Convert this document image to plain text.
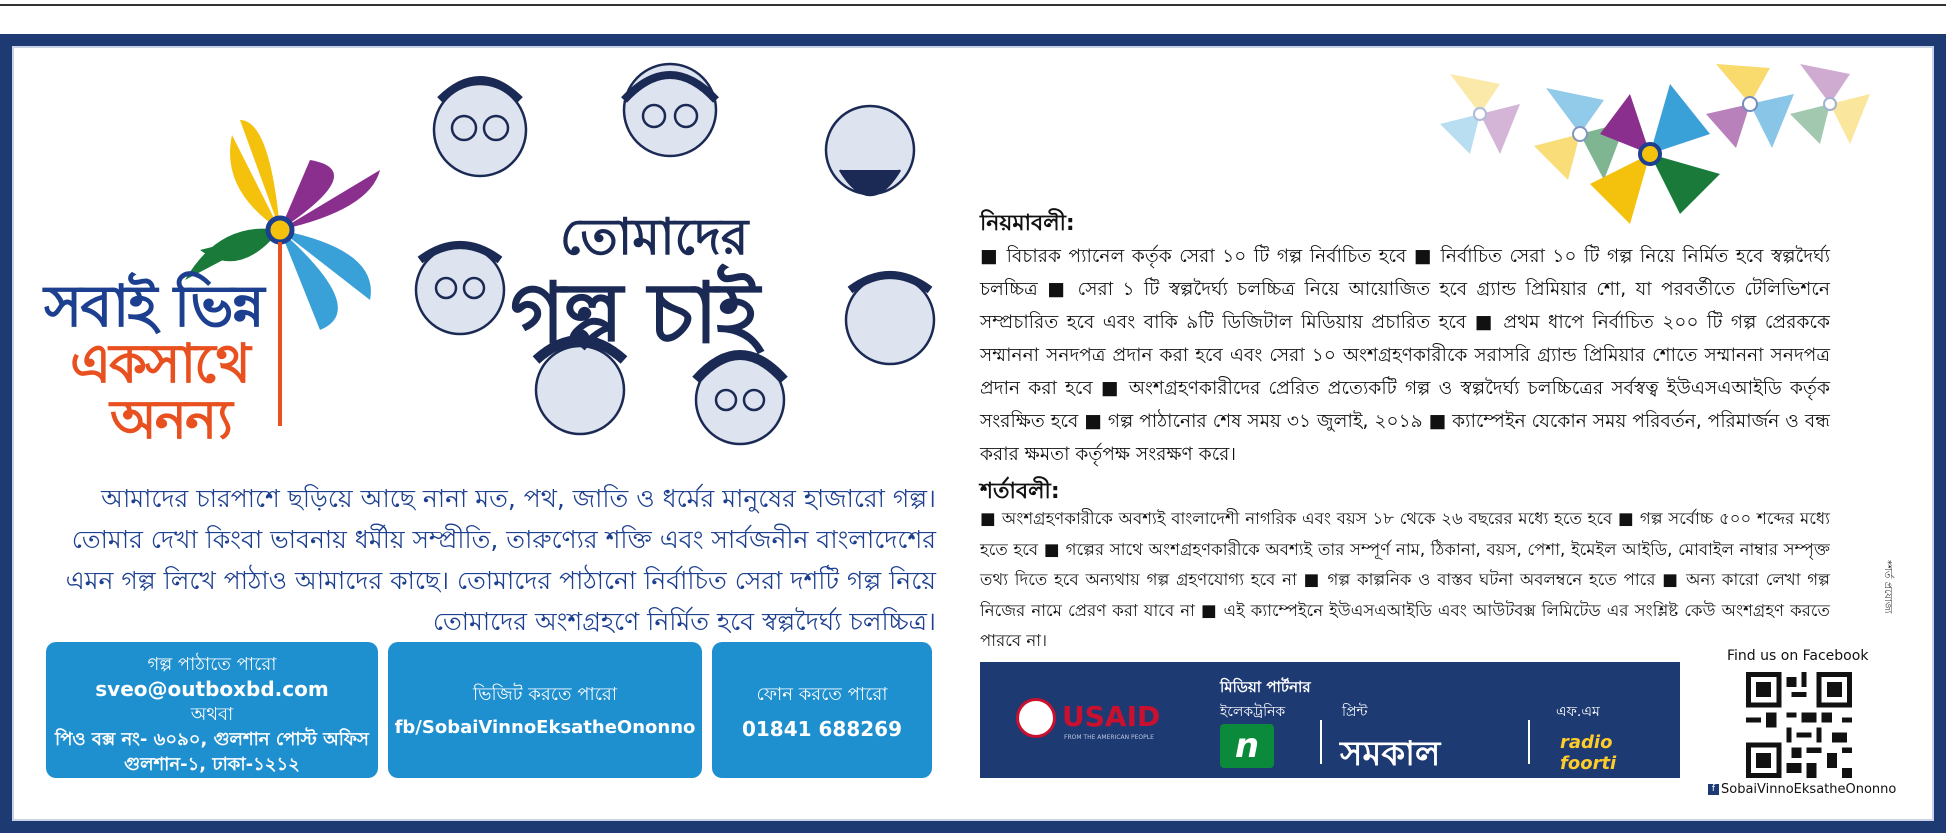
সবাই ভিন্ন
একসাথে
অনন্য
তোমাদের
গল্প চাই
আমাদের চারপাশে ছড়িয়ে আছে নানা মত, পথ, জাতি ও ধর্মের মানুষের হাজারো গল্প। তোমার দেখা কিংবা ভাবনায় ধর্মীয় সম্প্রীতি, তারুণ্যের শক্তি এবং সার্বজনীন বাংলাদেশের এমন গল্প লিখে পাঠাও আমাদের কাছে। তোমাদের পাঠানো নির্বাচিত সেরা দশটি গল্প নিয়ে তোমাদের অংশগ্রহণে নির্মিত হবে স্বল্পদৈর্ঘ্য চলচ্চিত্র।
গল্প পাঠাতে পারো
sveo@outboxbd.com
অথবা
পিও বক্স নং- ৬০৯০, গুলশান পোস্ট অফিস
গুলশান-১, ঢাকা-১২১২
ভিজিট করতে পারো
fb/SobaiVinnoEksatheOnonno
ফোন করতে পারো
01841 688269
নিয়মাবলী:
■ বিচারক প্যানেল কর্তৃক সেরা ১০ টি গল্প নির্বাচিত হবে ■ নির্বাচিত সেরা ১০ টি গল্প নিয়ে নির্মিত হবে স্বল্পদৈর্ঘ্য চলচ্চিত্র ■ সেরা ১ টি স্বল্পদৈর্ঘ্য চলচ্চিত্র নিয়ে আয়োজিত হবে গ্র্যান্ড প্রিমিয়ার শো, যা পরবর্তীতে টেলিভিশনে সম্প্রচারিত হবে এবং বাকি ৯টি ডিজিটাল মিডিয়ায় প্রচারিত হবে ■ প্রথম ধাপে নির্বাচিত ২০০ টি গল্প প্রেরককে সম্মাননা সনদপত্র প্রদান করা হবে এবং সেরা ১০ অংশগ্রহণকারীকে সরাসরি গ্র্যান্ড প্রিমিয়ার শোতে সম্মাননা সনদপত্র প্রদান করা হবে ■ অংশগ্রহণকারীদের প্রেরিত প্রত্যেকটি গল্প ও স্বল্পদৈর্ঘ্য চলচ্চিত্রের সর্বস্বত্ব ইউএসএআইডি কর্তৃক সংরক্ষিত হবে ■ গল্প পাঠানোর শেষ সময় ৩১ জুলাই, ২০১৯ ■ ক্যাম্পেইন যেকোন সময় পরিবর্তন, পরিমার্জন ও বন্ধ করার ক্ষমতা কর্তৃপক্ষ সংরক্ষণ করে।
শর্তাবলী:
■ অংশগ্রহণকারীকে অবশ্যই বাংলাদেশী নাগরিক এবং বয়স ১৮ থেকে ২৬ বছরের মধ্যে হতে হবে ■ গল্প সর্বোচ্চ ৫০০ শব্দের মধ্যে হতে হবে ■ গল্পের সাথে অংশগ্রহণকারীকে অবশ্যই তার সম্পূর্ণ নাম, ঠিকানা, বয়স, পেশা, ইমেইল আইডি, মোবাইল নাম্বার সম্পৃক্ত তথ্য দিতে হবে অন্যথায় গল্প গ্রহণযোগ্য হবে না ■ গল্প কাল্পনিক ও বাস্তব ঘটনা অবলম্বনে হতে পারে ■ অন্য কারো লেখা গল্প নিজের নামে প্রেরণ করা যাবে না ■ এই ক্যাম্পেইনে ইউএসএআইডি এবং আউটবক্স লিমিটেড এর সংশ্লিষ্ট কেউ অংশগ্রহণ করতে পারবে না।
*শর্ত প্রযোজ্য
মিডিয়া পার্টনার
USAID
FROM THE AMERICAN PEOPLE
ইলেকট্রনিক	প্রিন্ট	এফ.এম
n	সমকাল	radio foorti
Find us on Facebook
f SobaiVinnoEksatheOnonno
